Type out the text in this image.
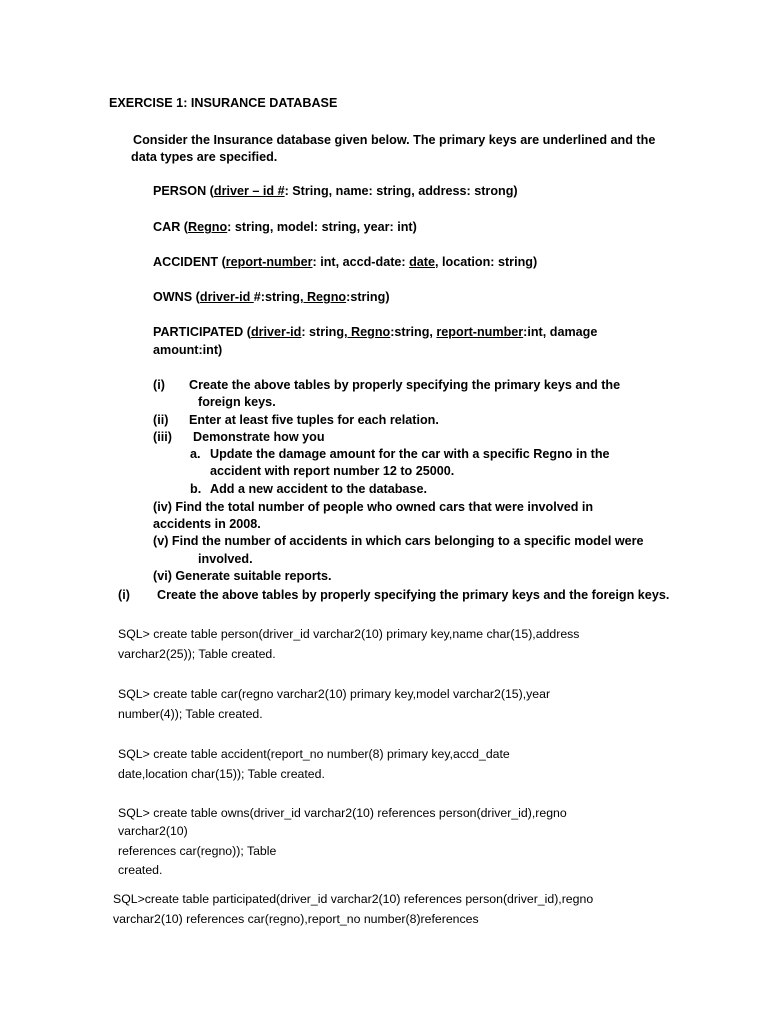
EXERCISE 1: INSURANCE DATABASE
Consider the Insurance database given below. The primary keys are underlined and the
data types are specified.
PERSON (driver – id #: String, name: string, address: strong)
CAR (Regno: string, model: string, year: int)
ACCIDENT (report-number: int, accd-date: date, location: string)
OWNS (driver-id #:string, Regno:string)
PARTICIPATED (driver-id: string, Regno:string, report-number:int, damage
amount:int)
(i) Create the above tables by properly specifying the primary keys and the
foreign keys.
(ii) Enter at least five tuples for each relation.
(iii) Demonstrate how you
a. Update the damage amount for the car with a specific Regno in the
accident with report number 12 to 25000.
b. Add a new accident to the database.
(iv) Find the total number of people who owned cars that were involved in
accidents in 2008.
(v) Find the number of accidents in which cars belonging to a specific model were
involved.
(vi) Generate suitable reports.
(i) Create the above tables by properly specifying the primary keys and the foreign keys.
SQL> create table person(driver_id varchar2(10) primary key,name char(15),address
varchar2(25)); Table created.
SQL> create table car(regno varchar2(10) primary key,model varchar2(15),year
number(4)); Table created.
SQL> create table accident(report_no number(8) primary key,accd_date
date,location char(15)); Table created.
SQL> create table owns(driver_id varchar2(10) references person(driver_id),regno
varchar2(10)
references car(regno)); Table
created.
SQL>create table participated(driver_id varchar2(10) references person(driver_id),regno
varchar2(10) references car(regno),report_no number(8)references
